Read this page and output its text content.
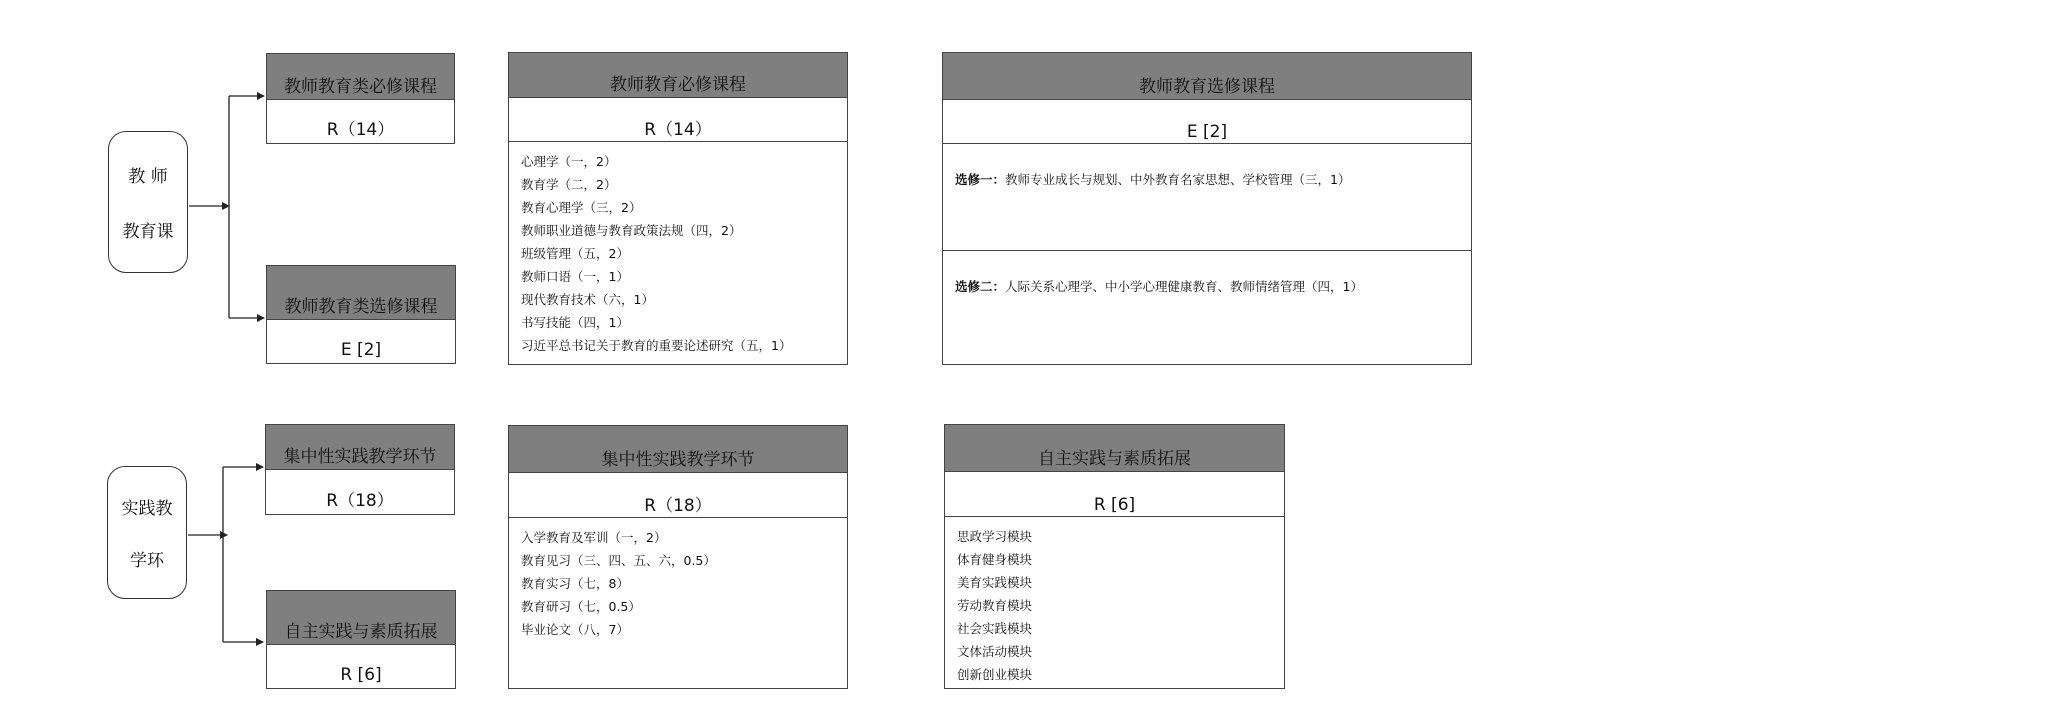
教 师
教育课
教师教育类必修课程
R（14）
教师教育类选修课程
E [2]
教师教育必修课程
R（14）
心理学（一，2）
教育学（二，2）
教育心理学（三，2）
教师职业道德与教育政策法规（四，2）
班级管理（五，2）
教师口语（一，1）
现代教育技术（六，1）
书写技能（四，1）
习近平总书记关于教育的重要论述研究（五，1）
教师教育选修课程
E [2]
选修一：教师专业成长与规划、中外教育名家思想、学校管理（三，1）
选修二：人际关系心理学、中小学心理健康教育、教师情绪管理（四，1）
实践教
学环
集中性实践教学环节
R（18）
自主实践与素质拓展
R [6]
集中性实践教学环节
R（18）
入学教育及军训（一，2）
教育见习（三、四、五、六，0.5）
教育实习（七，8）
教育研习（七，0.5）
毕业论文（八，7）
自主实践与素质拓展
R [6]
思政学习模块
体育健身模块
美育实践模块
劳动教育模块
社会实践模块
文体活动模块
创新创业模块
